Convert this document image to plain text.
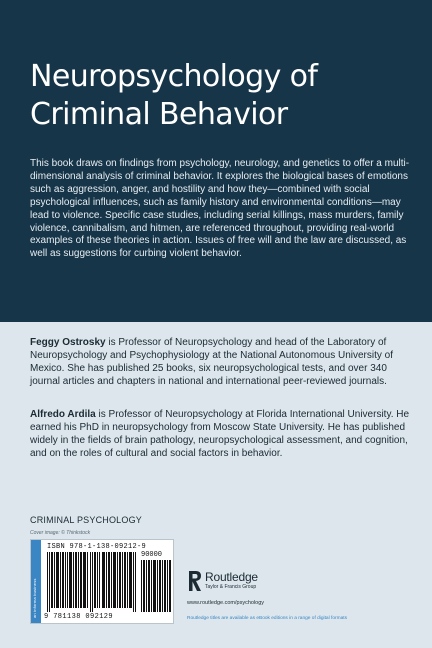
Neuropsychology of
Criminal Behavior

This book draws on findings from psychology, neurology, and genetics to offer a multi-dimensional analysis of criminal behavior. It explores the biological bases of emotions such as aggression, anger, and hostility and how they—combined with social psychological influences, such as family history and environmental conditions—may lead to violence. Specific case studies, including serial killings, mass murders, family violence, cannibalism, and hitmen, are referenced throughout, providing real-world examples of these theories in action. Issues of free will and the law are discussed, as well as suggestions for curbing violent behavior.

Feggy Ostrosky is Professor of Neuropsychology and head of the Laboratory of Neuropsychology and Psychophysiology at the National Autonomous University of Mexico. She has published 25 books, six neuropsychological tests, and over 340 journal articles and chapters in national and international peer-reviewed journals.

Alfredo Ardila is Professor of Neuropsychology at Florida International University. He earned his PhD in neuropsychology from Moscow State University. He has published widely in the fields of brain pathology, neuropsychological assessment, and cognition, and on the roles of cultural and social factors in behavior.

CRIMINAL PSYCHOLOGY
Cover image: © Thinkstock
an informa business
ISBN 978-1-138-09212-9
90000
9 781138 092129
Routledge
Taylor & Francis Group
www.routledge.com/psychology
Routledge titles are available as eBook editions in a range of digital formats
